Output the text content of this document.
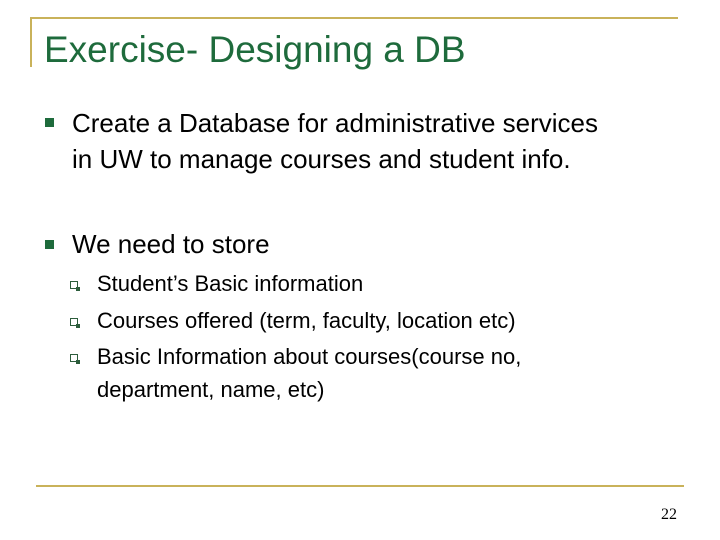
Exercise- Designing a DB
Create a Database for administrative services
in UW to manage courses and student info.
We need to store
Student’s Basic information
Courses offered (term, faculty, location etc)
Basic Information about courses(course no,
department, name, etc)
22
